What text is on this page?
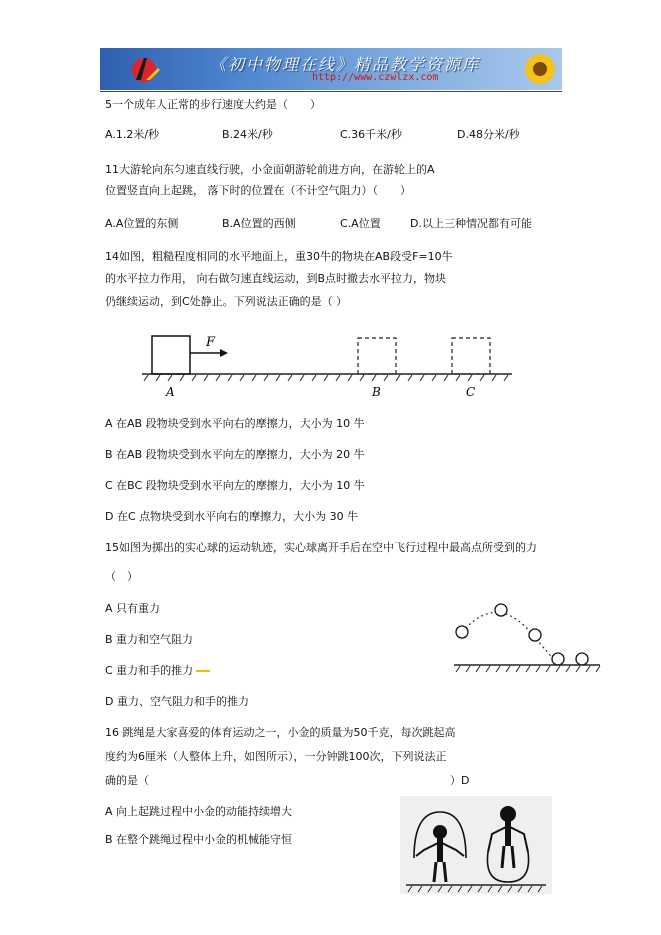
《初中物理在线》精品教学资源库
http://www.czwlzx.com
5一个成年人正常的步行速度大约是（　　）
A.1.2米/秒	B.24米/秒	C.36千米/秒	D.48分米/秒
11大游轮向东匀速直线行驶，小金面朝游轮前进方向，在游轮上的A
位置竖直向上起跳， 落下时的位置在（不计空气阻力）（　　）
A.A位置的东侧	B.A位置的西侧	C.A位置	D.以上三种情况都有可能
14如图，粗糙程度相同的水平地面上，重30牛的物块在AB段受F=10牛
的水平拉力作用， 向右做匀速直线运动，到B点时撤去水平拉力，物块
仍继续运动，到C处静止。下列说法正确的是（ ）
F
A	B	C
A 在AB 段物块受到水平向右的摩擦力，大小为 10 牛
B 在AB 段物块受到水平向左的摩擦力，大小为 20 牛
C 在BC 段物块受到水平向左的摩擦力，大小为 10 牛
D 在C 点物块受到水平向右的摩擦力，大小为 30 牛
15如图为掷出的实心球的运动轨迹，实心球离开手后在空中飞行过程中最高点所受到的力
（　）
A 只有重力
B 重力和空气阻力
C 重力和手的推力
D 重力、空气阻力和手的推力
16 跳绳是大家喜爱的体育运动之一，小金的质量为50千克，每次跳起高
度约为6厘米（人整体上升，如图所示），一分钟跳100次，下列说法正
确的是（	）D
A 向上起跳过程中小金的动能持续增大
B 在整个跳绳过程中小金的机械能守恒
